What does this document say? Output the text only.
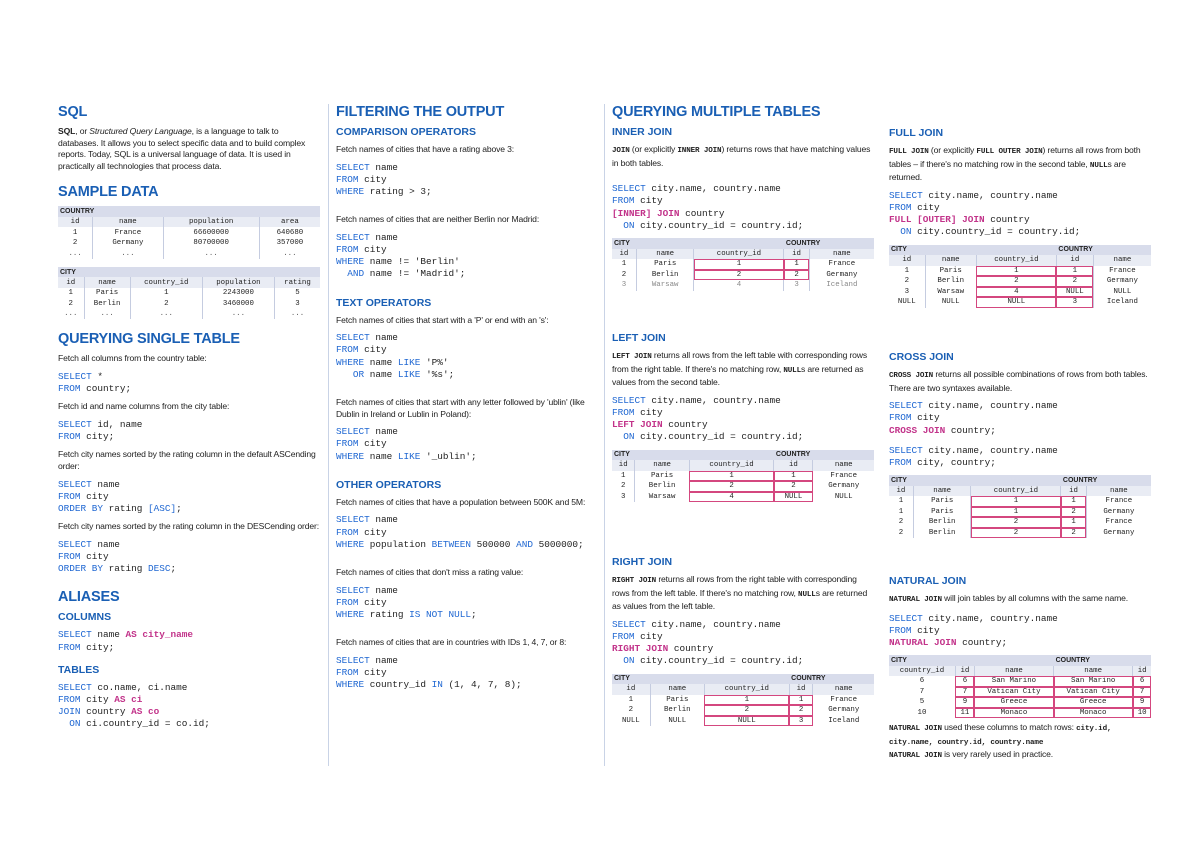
SQL
SQL, or Structured Query Language, is a language to talk to databases. It allows you to select specific data and to build complex reports. Today, SQL is a universal language of data. It is used in practically all technologies that process data.
SAMPLE DATA
COUNTRY			
id	name	population	area
1	France	66600000	640680
2	Germany	80700000	357000
...	...	...	...
CITY				
id	name	country_id	population	rating
1	Paris	1	2243000	5
2	Berlin	2	3460000	3
...	...	...	...	...
QUERYING SINGLE TABLE
Fetch all columns from the country table:
SELECT *
FROM country;
Fetch id and name columns from the city table:
SELECT id, name
FROM city;
Fetch city names sorted by the rating column in the default ASCending order:
SELECT name
FROM city
ORDER BY rating [ASC];
Fetch city names sorted by the rating column in the DESCending order:
SELECT name
FROM city
ORDER BY rating DESC;
ALIASES
COLUMNS
SELECT name AS city_name
FROM city;
TABLES
SELECT co.name, ci.name
FROM city AS ci
JOIN country AS co
ON ci.country_id = co.id;
FILTERING THE OUTPUT
COMPARISON OPERATORS
Fetch names of cities that have a rating above 3:
SELECT name
FROM city
WHERE rating > 3;
Fetch names of cities that are neither Berlin nor Madrid:
SELECT name
FROM city
WHERE name != 'Berlin'
AND name != 'Madrid';
TEXT OPERATORS
Fetch names of cities that start with a 'P' or end with an 's':
SELECT name
FROM city
WHERE name LIKE 'P%'
OR name LIKE '%s';
Fetch names of cities that start with any letter followed by 'ublin' (like Dublin in Ireland or Lublin in Poland):
SELECT name
FROM city
WHERE name LIKE '_ublin';
OTHER OPERATORS
Fetch names of cities that have a population between 500K and 5M:
SELECT name
FROM city
WHERE population BETWEEN 500000 AND 5000000;
Fetch names of cities that don't miss a rating value:
SELECT name
FROM city
WHERE rating IS NOT NULL;
Fetch names of cities that are in countries with IDs 1, 4, 7, or 8:
SELECT name
FROM city
WHERE country_id IN (1, 4, 7, 8);
QUERYING MULTIPLE TABLES
INNER JOIN
JOIN (or explicitly INNER JOIN) returns rows that have matching values in both tables.
SELECT city.name, country.name
FROM city
[INNER] JOIN country
ON city.country_id = country.id;
CITY			COUNTRY	
id	name	country_id	id	name
1	Paris	1	1	France
2	Berlin	2	2	Germany
3	Warsaw	4	3	Iceland
LEFT JOIN
LEFT JOIN returns all rows from the left table with corresponding rows from the right table. If there's no matching row, NULLs are returned as values from the second table.
SELECT city.name, country.name
FROM city
LEFT JOIN country
ON city.country_id = country.id;
CITY			COUNTRY	
id	name	country_id	id	name
1	Paris	1	1	France
2	Berlin	2	2	Germany
3	Warsaw	4	NULL	NULL
RIGHT JOIN
RIGHT JOIN returns all rows from the right table with corresponding rows from the left table. If there's no matching row, NULLs are returned as values from the left table.
SELECT city.name, country.name
FROM city
RIGHT JOIN country
ON city.country_id = country.id;
CITY			COUNTRY	
id	name	country_id	id	name
1	Paris	1	1	France
2	Berlin	2	2	Germany
NULL	NULL	NULL	3	Iceland
FULL JOIN
FULL JOIN (or explicitly FULL OUTER JOIN) returns all rows from both tables – if there's no matching row in the second table, NULLs are returned.
SELECT city.name, country.name
FROM city
FULL [OUTER] JOIN country
ON city.country_id = country.id;
CITY			COUNTRY	
id	name	country_id	id	name
1	Paris	1	1	France
2	Berlin	2	2	Germany
3	Warsaw	4	NULL	NULL
NULL	NULL	NULL	3	Iceland
CROSS JOIN
CROSS JOIN returns all possible combinations of rows from both tables. There are two syntaxes available.
SELECT city.name, country.name
FROM city
CROSS JOIN country;
SELECT city.name, country.name
FROM city, country;
CITY			COUNTRY	
id	name	country_id	id	name
1	Paris	1	1	France
1	Paris	1	2	Germany
2	Berlin	2	1	France
2	Berlin	2	2	Germany
NATURAL JOIN
NATURAL JOIN will join tables by all columns with the same name.
SELECT city.name, country.name
FROM city
NATURAL JOIN country;
CITY			COUNTRY	
country_id	id	name	name	id
6	6	San Marino	San Marino	6
7	7	Vatican City	Vatican City	7
5	9	Greece	Greece	9
10	11	Monaco	Monaco	10
NATURAL JOIN used these columns to match rows: city.id, city.name, country.id, country.name
NATURAL JOIN is very rarely used in practice.
